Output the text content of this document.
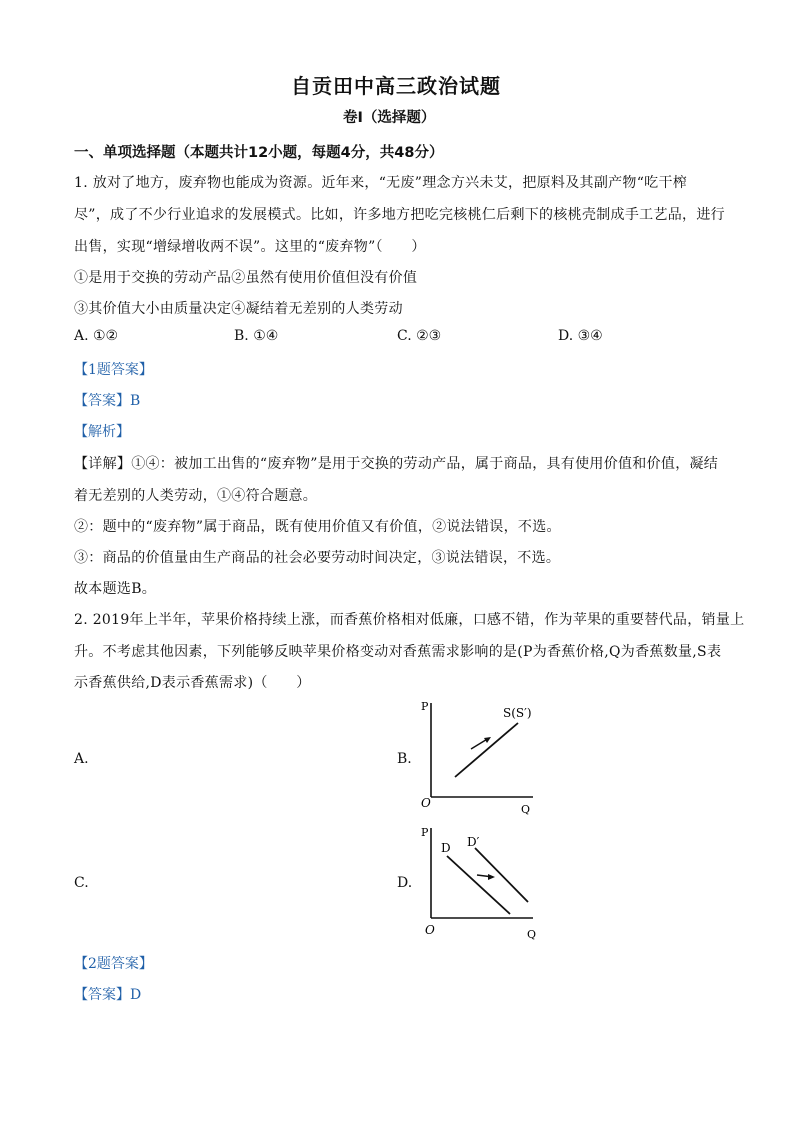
自贡田中高三政治试题
卷Ⅰ（选择题）
一、单项选择题（本题共计12小题，每题4分，共48分）
1. 放对了地方，废弃物也能成为资源。近年来，“无废”理念方兴未艾，把原料及其副产物“吃干榨
尽”，成了不少行业追求的发展模式。比如，许多地方把吃完核桃仁后剩下的核桃壳制成手工艺品，进行
出售，实现“增绿增收两不误”。这里的“废弃物”（　　）
①是用于交换的劳动产品②虽然有使用价值但没有价值
③其价值大小由质量决定④凝结着无差别的人类劳动
A. ①②	B. ①④	C. ②③	D. ③④
【1题答案】
【答案】B
【解析】
【详解】①④：被加工出售的“废弃物”是用于交换的劳动产品，属于商品，具有使用价值和价值，凝结
着无差别的人类劳动，①④符合题意。
②：题中的“废弃物”属于商品，既有使用价值又有价值，②说法错误，不选。
③：商品的价值量由生产商品的社会必要劳动时间决定，③说法错误，不选。
故本题选B。
2. 2019年上半年，苹果价格持续上涨，而香蕉价格相对低廉，口感不错，作为苹果的重要替代品，销量上
升。不考虑其他因素，下列能够反映苹果价格变动对香蕉需求影响的是(P为香蕉价格,Q为香蕉数量,S表
示香蕉供给,D表示香蕉需求)（　　）
A.	B.
C.	D.
P
O	Q
S(S′)
P
O	Q
D D′
【2题答案】
【答案】D
